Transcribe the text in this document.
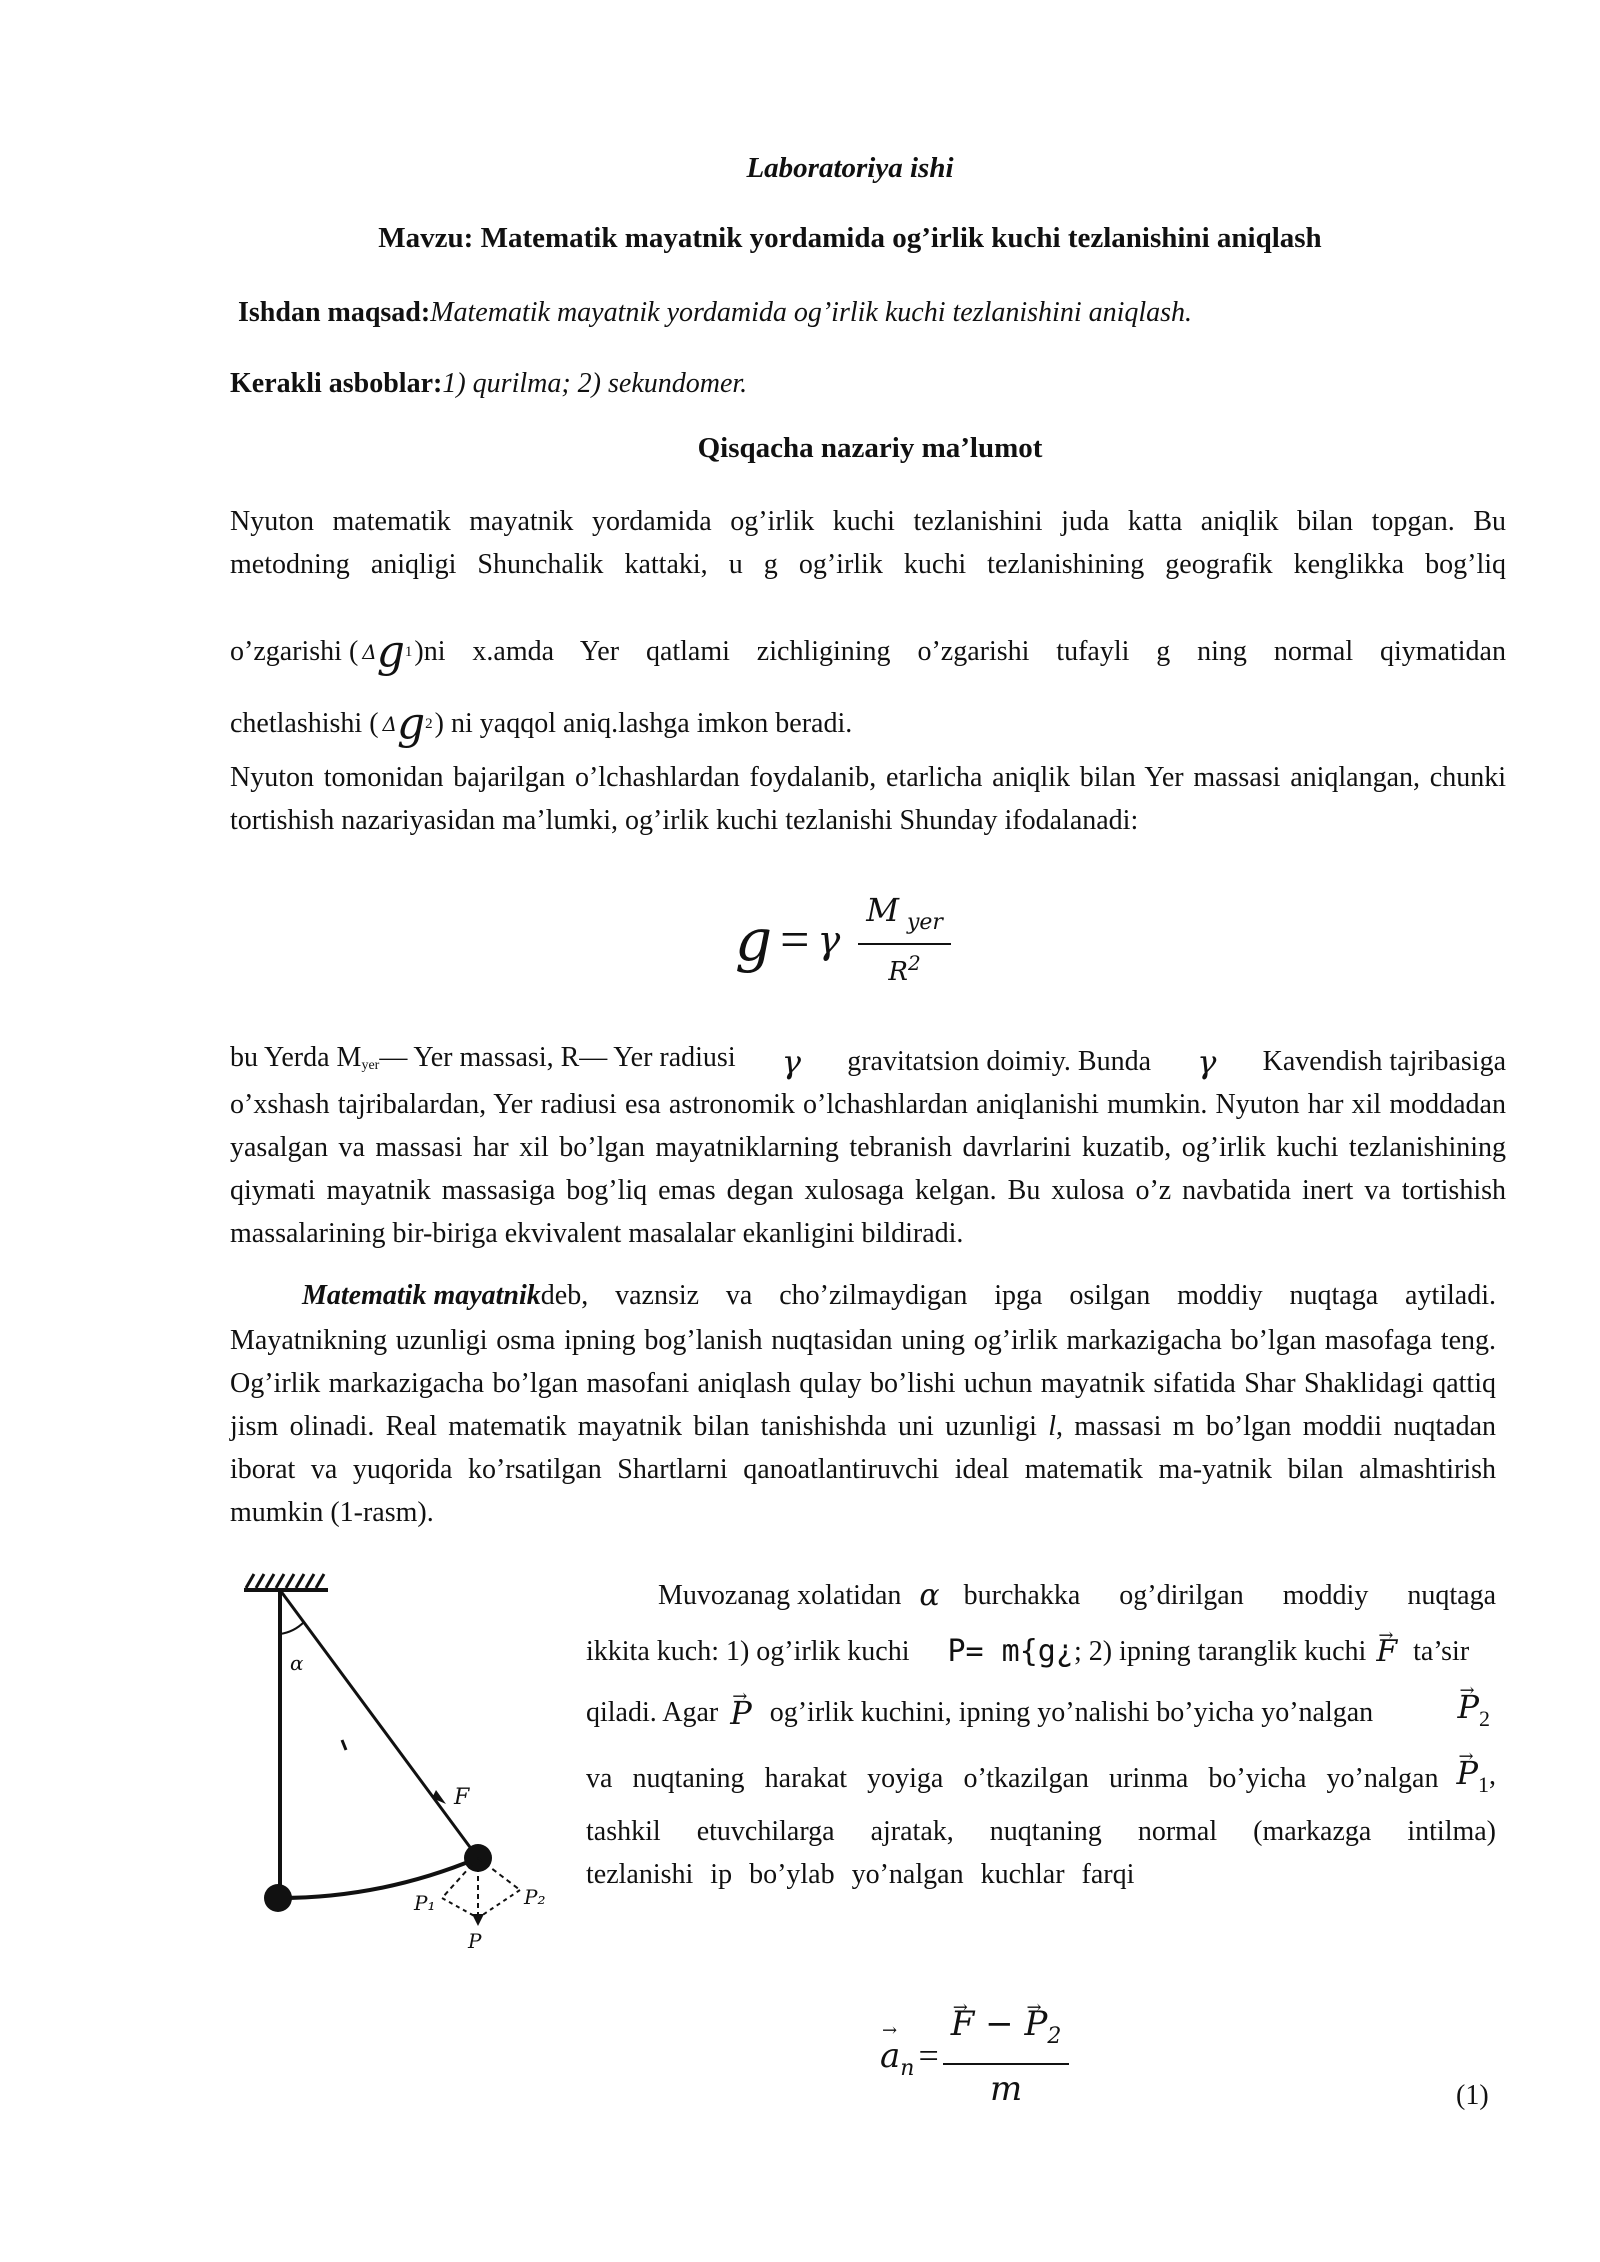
Laboratoriya ishi
Mavzu: Matematik mayatnik yordamida og’irlik kuchi tezlanishini aniqlash
Ishdan maqsad:Matematik mayatnik yordamida og’irlik kuchi tezlanishini aniqlash.
Kerakli asboblar:1) qurilma; 2) sekundomer.
Qisqacha nazariy ma’lumot
Nyuton matematik mayatnik yordamida og’irlik kuchi tezlanishini juda katta aniqlik bilan topgan. Bu
metodning aniqligi Shunchalik kattaki, u g og’irlik kuchi tezlanishining geografik kenglikka bog’liq
o’zgarishi ( Δ g 1 )ni x.amda Yer qatlami zichligining o’zgarishi tufayli g ning normal qiymatidan
chetlashishi ( Δ g 2 ) ni yaqqol aniq.lashga imkon beradi.
Nyuton tomonidan bajarilgan o’lchashlardan foydalanib, etarlicha aniqlik bilan Yer massasi aniqlangan, chunki tortishish nazariyasidan ma’lumki, og’irlik kuchi tezlanishi Shunday ifodalanadi:
g = γ $\frac{M _{yer}}{R^2}$
bu Yerda $M_{yer}—$ Yer massasi, R— Yer radiusi γ gravitatsion doimiy. Bunda γ Kavendish tajribasiga
o’xshash tajribalardan, Yer radiusi esa astronomik o’lchashlardan aniqlanishi mumkin. Nyuton har xil moddadan yasalgan va massasi har xil bo’lgan mayatniklarning tebranish davrlarini kuzatib, og’irlik kuchi tezlanishining qiymati mayatnik massasiga bog’liq emas degan xulosaga kelgan. Bu xulosa o’z navbatida inert va tortishish massalarining bir-biriga ekvivalent masalalar ekanligini bildiradi.
Matematik mayatnik deb, vaznsiz va cho’zilmaydigan ipga osilgan moddiy nuqtaga aytiladi.
Mayatnikning uzunligi osma ipning bog’lanish nuqtasidan uning og’irlik markazigacha bo’lgan masofaga teng. Og’irlik markazigacha bo’lgan masofani aniqlash qulay bo’lishi uchun mayatnik sifatida Shar Shaklidagi qattiq jism olinadi. Real matematik mayatnik bilan tanishishda uni uzunligi l, massasi m bo’lgan moddii nuqtadan iborat va yuqorida ko’rsatilgan Shartlarni qanoatlantiruvchi ideal matematik ma-yatnik bilan almashtirish mumkin (1-rasm).
α
F
P₁	P₂
P
Muvozanag xolatidan α burchakka og’dirilgan moddiy nuqtaga
ikkita kuch: 1) og’irlik kuchi P= m{g¿ ; 2) ipning taranglik kuchi → F ta’sir
qiladi. Agar → P og’irlik kuchini, ipning yo’nalishi bo’yicha yo’nalgan	→ $P_2$
va nuqtaning harakat yoyiga o’tkazilgan urinma bo’yicha yo’nalgan → $P_1$,
tashkil etuvchilarga ajratak, nuqtaning normal (markazga intilma)
tezlanishi ip bo’ylab yo’nalgan kuchlar farqi
→ an = → $\frac{F - \to P_2}{m}$	(1)
